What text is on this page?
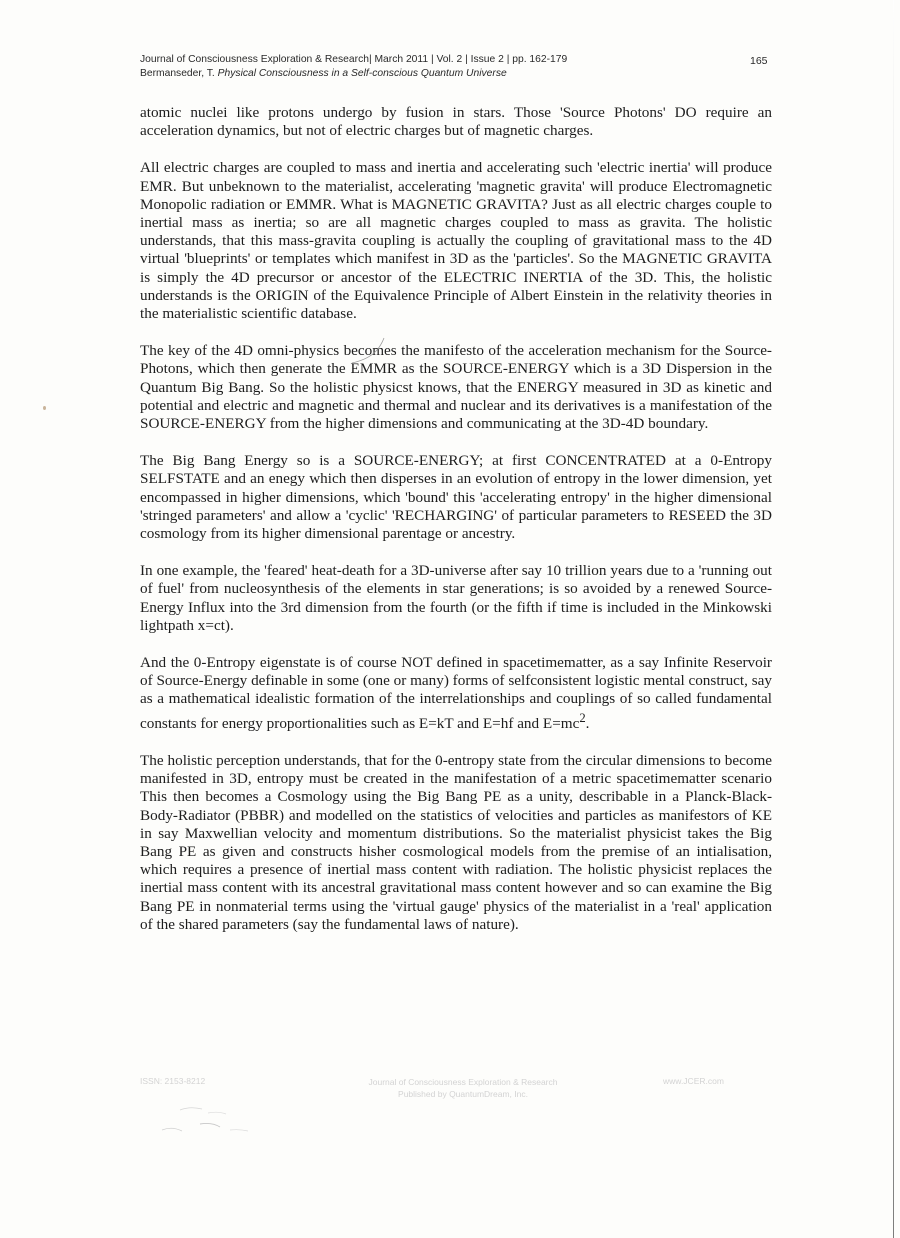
Journal of Consciousness Exploration & Research| March 2011 | Vol. 2 | Issue 2 | pp. 162-179
Bermanseder, T. Physical Consciousness in a Self-conscious Quantum Universe
165

atomic nuclei like protons undergo by fusion in stars. Those 'Source Photons' DO require an acceleration dynamics, but not of electric charges but of magnetic charges.

All electric charges are coupled to mass and inertia and accelerating such 'electric inertia' will produce EMR. But unbeknown to the materialist, accelerating 'magnetic gravita' will produce Electromagnetic Monopolic radiation or EMMR. What is MAGNETIC GRAVITA? Just as all electric charges couple to inertial mass as inertia; so are all magnetic charges coupled to mass as gravita. The holistic understands, that this mass-gravita coupling is actually the coupling of gravitational mass to the 4D virtual 'blueprints' or templates which manifest in 3D as the 'particles'. So the MAGNETIC GRAVITA is simply the 4D precursor or ancestor of the ELECTRIC INERTIA of the 3D. This, the holistic understands is the ORIGIN of the Equivalence Principle of Albert Einstein in the relativity theories in the materialistic scientific database.

The key of the 4D omni-physics becomes the manifesto of the acceleration mechanism for the Source-Photons, which then generate the EMMR as the SOURCE-ENERGY which is a 3D Dispersion in the Quantum Big Bang. So the holistic physicst knows, that the ENERGY measured in 3D as kinetic and potential and electric and magnetic and thermal and nuclear and its derivatives is a manifestation of the SOURCE-ENERGY from the higher dimensions and communicating at the 3D-4D boundary.

The Big Bang Energy so is a SOURCE-ENERGY; at first CONCENTRATED at a 0-Entropy SELFSTATE and an enegy which then disperses in an evolution of entropy in the lower dimension, yet encompassed in higher dimensions, which 'bound' this 'accelerating entropy' in the higher dimensional 'stringed parameters' and allow a 'cyclic' 'RECHARGING' of particular parameters to RESEED the 3D cosmology from its higher dimensional parentage or ancestry.

In one example, the 'feared' heat-death for a 3D-universe after say 10 trillion years due to a 'running out of fuel' from nucleosynthesis of the elements in star generations; is so avoided by a renewed Source-Energy Influx into the 3rd dimension from the fourth (or the fifth if time is included in the Minkowski lightpath x=ct).

And the 0-Entropy eigenstate is of course NOT defined in spacetimematter, as a say Infinite Reservoir of Source-Energy definable in some (one or many) forms of selfconsistent logistic mental construct, say as a mathematical idealistic formation of the interrelationships and couplings of so called fundamental constants for energy proportionalities such as E=kT and E=hf and $E=mc^2$.

The holistic perception understands, that for the 0-entropy state from the circular dimensions to become manifested in 3D, entropy must be created in the manifestation of a metric spacetimematter scenario This then becomes a Cosmology using the Big Bang PE as a unity, describable in a Planck-Black-Body-Radiator (PBBR) and modelled on the statistics of velocities and particles as manifestors of KE in say Maxwellian velocity and momentum distributions. So the materialist physicist takes the Big Bang PE as given and constructs hisher cosmological models from the premise of an intialisation, which requires a presence of inertial mass content with radiation. The holistic physicist replaces the inertial mass content with its ancestral gravitational mass content however and so can examine the Big Bang PE in nonmaterial terms using the 'virtual gauge' physics of the materialist in a 'real' application of the shared parameters (say the fundamental laws of nature).

ISSN: 2153-8212	Journal of Consciousness Exploration & Research
Published by QuantumDream, Inc.
www.JCER.com
